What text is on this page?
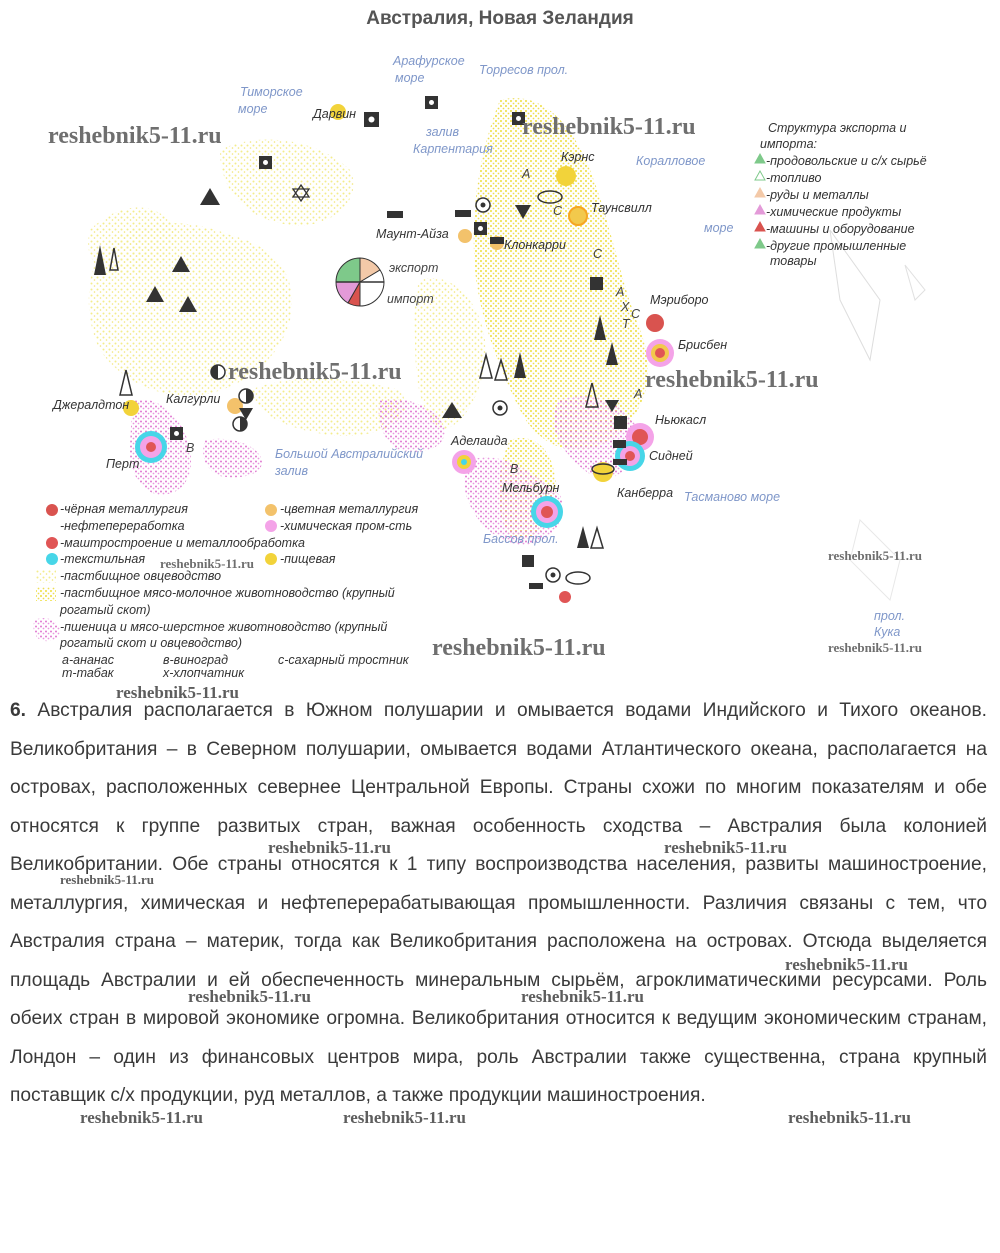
Австралия, Новая Зеландия
Тиморское
море
Арафурское
море
Торресов прол.
залив
Карпентария
Коралловое
море
Большой Австралийский
залив
Тасманово море
Бассов прол.
прол.
Кука
А
С
С
А
Х С
Т
А
В
В
Дарвин
Кэрнс
Таунсвилл
Маунт-Айза
Клонкарри
Мэриборо
Брисбен
Ньюкасл
Сидней
Канберра
Мельбурн
Аделаида
Калгурли
Джералдтон
Перт
экспорт
импорт
Структура экспорта и
импорта:
-продовольские и с/х сырьё
-топливо
-руды и металлы
-химические продукты
-машины и оборудование
-другие промышленные
товары
-чёрная металлургия
-нефтепереработка
-маштростроение и металлообработка
-текстильная
-пастбищное овцеводство
-пастбищное мясо-молочное животноводство (крупный
рогатый скот)
-пшеница и мясо-шерстное животноводство (крупный
рогатый скот и овцеводство)
-цветная металлургия
-химическая пром-сть
-пищевая
а-ананас
т-табак
в-виноград
х-хлопчатник
с-сахарный тростник
reshebnik5-11.ru	reshebnik5-11.ru
reshebnik5-11.ru	reshebnik5-11.ru
reshebnik5-11.ru
reshebnik5-11.ru
reshebnik5-11.ru	reshebnik5-11.ru
6. Австралия располагается в Южном полушарии и омывается водами Индийского и Тихого океанов. Великобритания – в Северном полушарии, омывается водами Атлантического океана, располагается на островах, расположенных севернее Центральной Европы. Страны схожи по многим показателям и обе относятся к группе развитых стран, важная особенность сходства – Австралия была колонией Великобритании. Обе страны относятся к 1 типу воспроизводства населения, развиты машиностроение, металлургия, химическая и нефтеперерабатывающая промышленности. Различия связаны с тем, что Австралия страна – материк, тогда как Великобритания расположена на островах. Отсюда выделяется площадь Австралии и ей обеспеченность минеральным сырьём, агроклиматическими ресурсами. Роль обеих стран в мировой экономике огромна. Великобритания относится к ведущим экономическим странам, Лондон – один из финансовых центров мира, роль Австралии также существенна, страна крупный поставщик с/х продукции, руд металлов, а также продукции машиностроения.
reshebnik5-11.ru
reshebnik5-11.ru	reshebnik5-11.ru
reshebnik5-11.ru
reshebnik5-11.ru
reshebnik5-11.ru	reshebnik5-11.ru
reshebnik5-11.ru	reshebnik5-11.ru	reshebnik5-11.ru
